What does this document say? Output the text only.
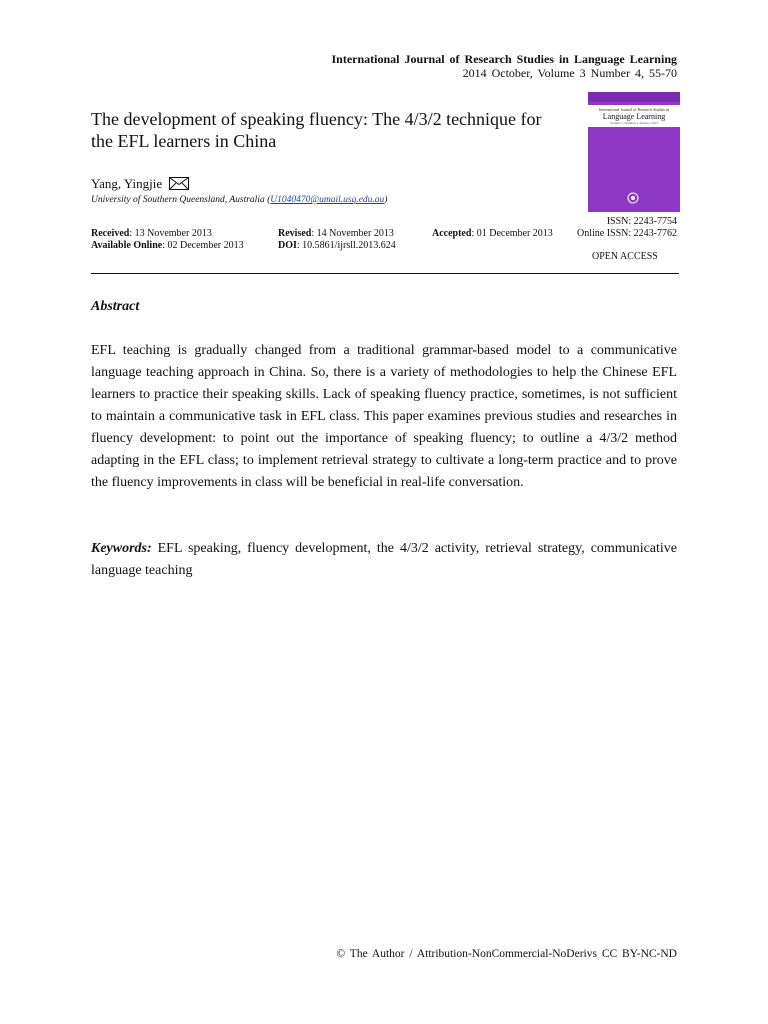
International Journal of Research Studies in Language Learning
2014 October, Volume 3 Number 4, 55-70
The development of speaking fluency: The 4/3/2 technique for the EFL learners in China
International Journal of Research Studies in
Language Learning
Volume 1 Number 1 January 2012
Yang, Yingjie
University of Southern Queensland, Australia (U1040470@umail.usq.edu.au)
ISSN: 2243-7754
Online ISSN: 2243-7762
Received: 13 November 2013	Revised: 14 November 2013	Accepted: 01 December 2013
Available Online: 02 December 2013	DOI: 10.5861/ijrsll.2013.624
OPEN ACCESS
Abstract

EFL teaching is gradually changed from a traditional grammar-based model to a communicative language teaching approach in China. So, there is a variety of methodologies to help the Chinese EFL learners to practice their speaking skills. Lack of speaking fluency practice, sometimes, is not sufficient to maintain a communicative task in EFL class. This paper examines previous studies and researches in fluency development: to point out the importance of speaking fluency; to outline a 4/3/2 method adapting in the EFL class; to implement retrieval strategy to cultivate a long-term practice and to prove the fluency improvements in class will be beneficial in real-life conversation.

Keywords: EFL speaking, fluency development, the 4/3/2 activity, retrieval strategy, communicative language teaching

© The Author / Attribution-NonCommercial-NoDerivs CC BY-NC-ND
